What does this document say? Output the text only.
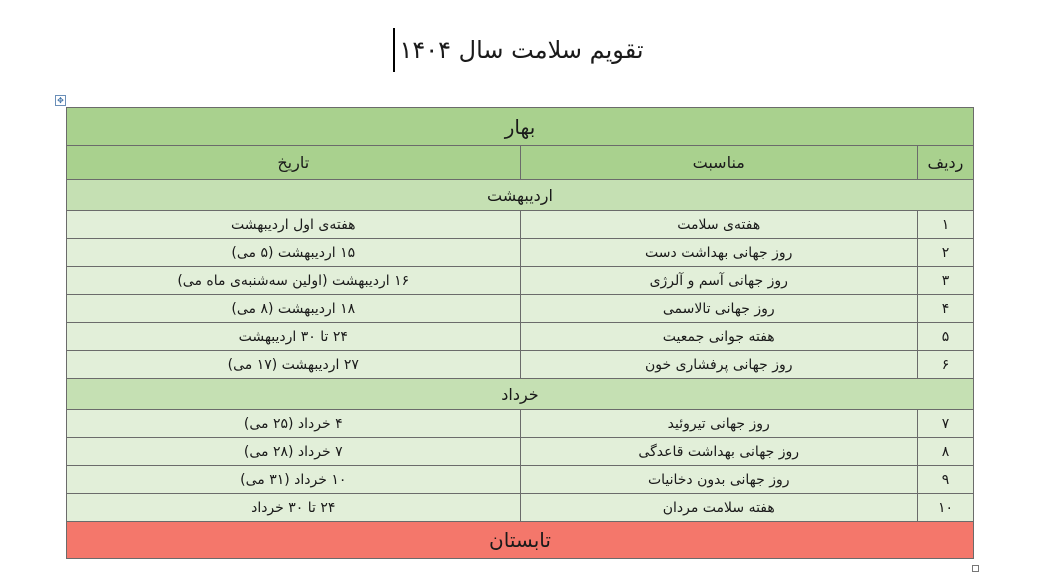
تقویم سلامت سال ۱۴۰۴
✥
بهار		
ردیف	مناسبت	تاریخ
اردیبهشت		
۱	هفته‌ی سلامت	هفته‌ی اول اردیبهشت
۲	روز جهانی بهداشت دست	۱۵ اردیبهشت (۵ می)
۳	روز جهانی آسم و آلرژی	۱۶ اردیبهشت (اولین سه‌شنبه‌ی ماه می)
۴	روز جهانی تالاسمی	۱۸ اردیبهشت (۸ می)
۵	هفته جوانی جمعیت	۲۴ تا ۳۰ اردیبهشت
۶	روز جهانی پرفشاری خون	۲۷ اردیبهشت (۱۷ می)
خرداد		
۷	روز جهانی تیروئید	۴ خرداد (۲۵ می)
۸	روز جهانی بهداشت قاعدگی	۷ خرداد (۲۸ می)
۹	روز جهانی بدون دخانیات	۱۰ خرداد (۳۱ می)
۱۰	هفته سلامت مردان	۲۴ تا ۳۰ خرداد
تابستان		
